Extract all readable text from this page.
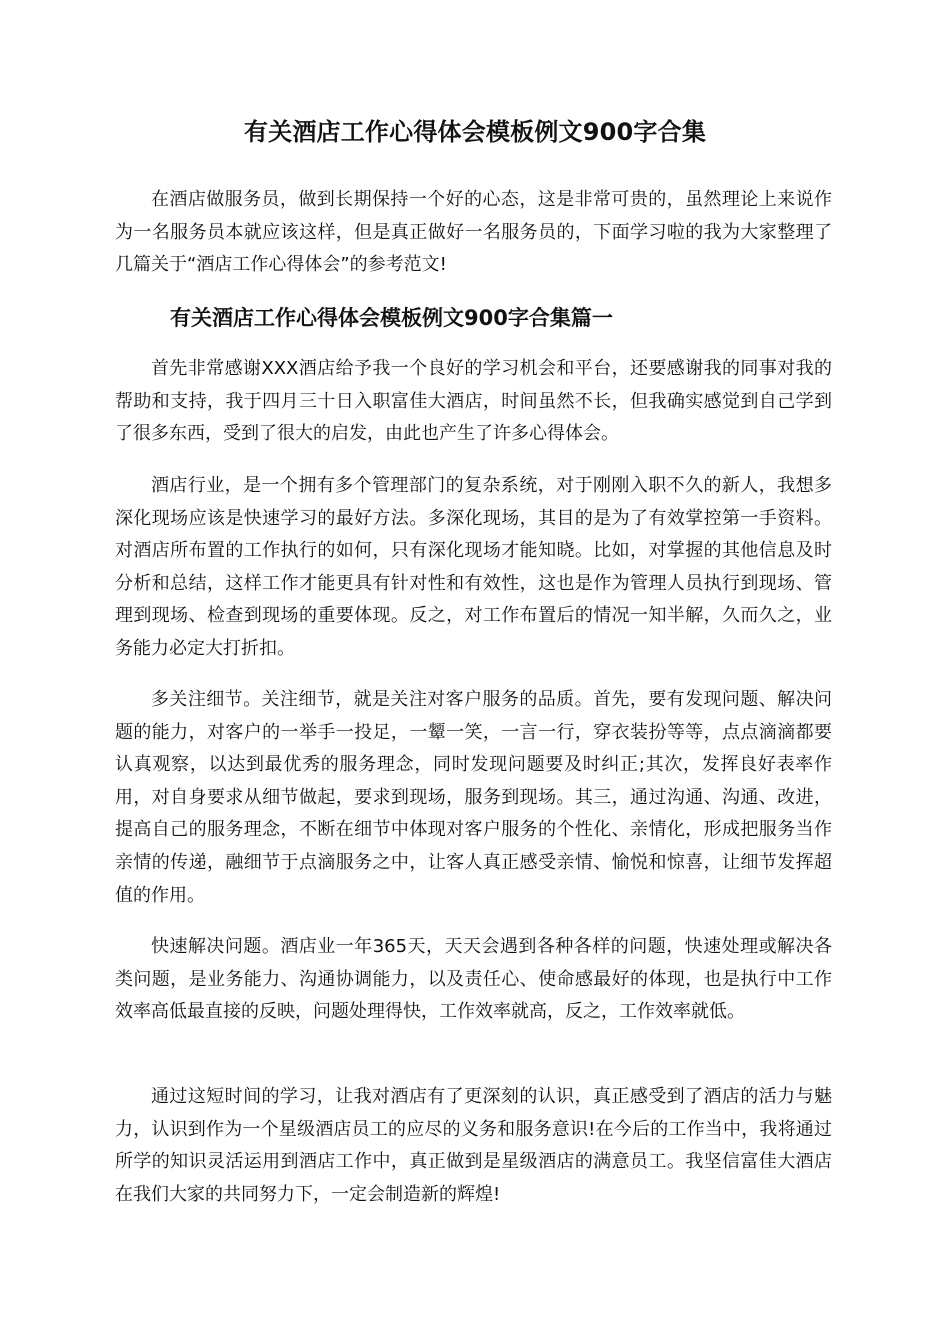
有关酒店工作心得体会模板例文900字合集

在酒店做服务员，做到长期保持一个好的心态，这是非常可贵的，虽然理论上来说作为一名服务员本就应该这样，但是真正做好一名服务员的，下面学习啦的我为大家整理了几篇关于“酒店工作心得体会”的参考范文!

有关酒店工作心得体会模板例文900字合集篇一

首先非常感谢XXX酒店给予我一个良好的学习机会和平台，还要感谢我的同事对我的帮助和支持，我于四月三十日入职富佳大酒店，时间虽然不长，但我确实感觉到自己学到了很多东西，受到了很大的启发，由此也产生了许多心得体会。

酒店行业，是一个拥有多个管理部门的复杂系统，对于刚刚入职不久的新人，我想多深化现场应该是快速学习的最好方法。多深化现场，其目的是为了有效掌控第一手资料。对酒店所布置的工作执行的如何，只有深化现场才能知晓。比如，对掌握的其他信息及时分析和总结，这样工作才能更具有针对性和有效性，这也是作为管理人员执行到现场、管理到现场、检查到现场的重要体现。反之，对工作布置后的情况一知半解，久而久之，业务能力必定大打折扣。

多关注细节。关注细节，就是关注对客户服务的品质。首先，要有发现问题、解决问题的能力，对客户的一举手一投足，一颦一笑，一言一行，穿衣装扮等等，点点滴滴都要认真观察，以达到最优秀的服务理念，同时发现问题要及时纠正;其次，发挥良好表率作用，对自身要求从细节做起，要求到现场，服务到现场。其三，通过沟通、沟通、改进，提高自己的服务理念，不断在细节中体现对客户服务的个性化、亲情化，形成把服务当作亲情的传递，融细节于点滴服务之中，让客人真正感受亲情、愉悦和惊喜，让细节发挥超值的作用。

快速解决问题。酒店业一年365天，天天会遇到各种各样的问题，快速处理或解决各类问题，是业务能力、沟通协调能力，以及责任心、使命感最好的体现，也是执行中工作效率高低最直接的反映，问题处理得快，工作效率就高，反之，工作效率就低。

通过这短时间的学习，让我对酒店有了更深刻的认识，真正感受到了酒店的活力与魅力，认识到作为一个星级酒店员工的应尽的义务和服务意识!在今后的工作当中，我将通过所学的知识灵活运用到酒店工作中，真正做到是星级酒店的满意员工。我坚信富佳大酒店在我们大家的共同努力下，一定会制造新的辉煌!
